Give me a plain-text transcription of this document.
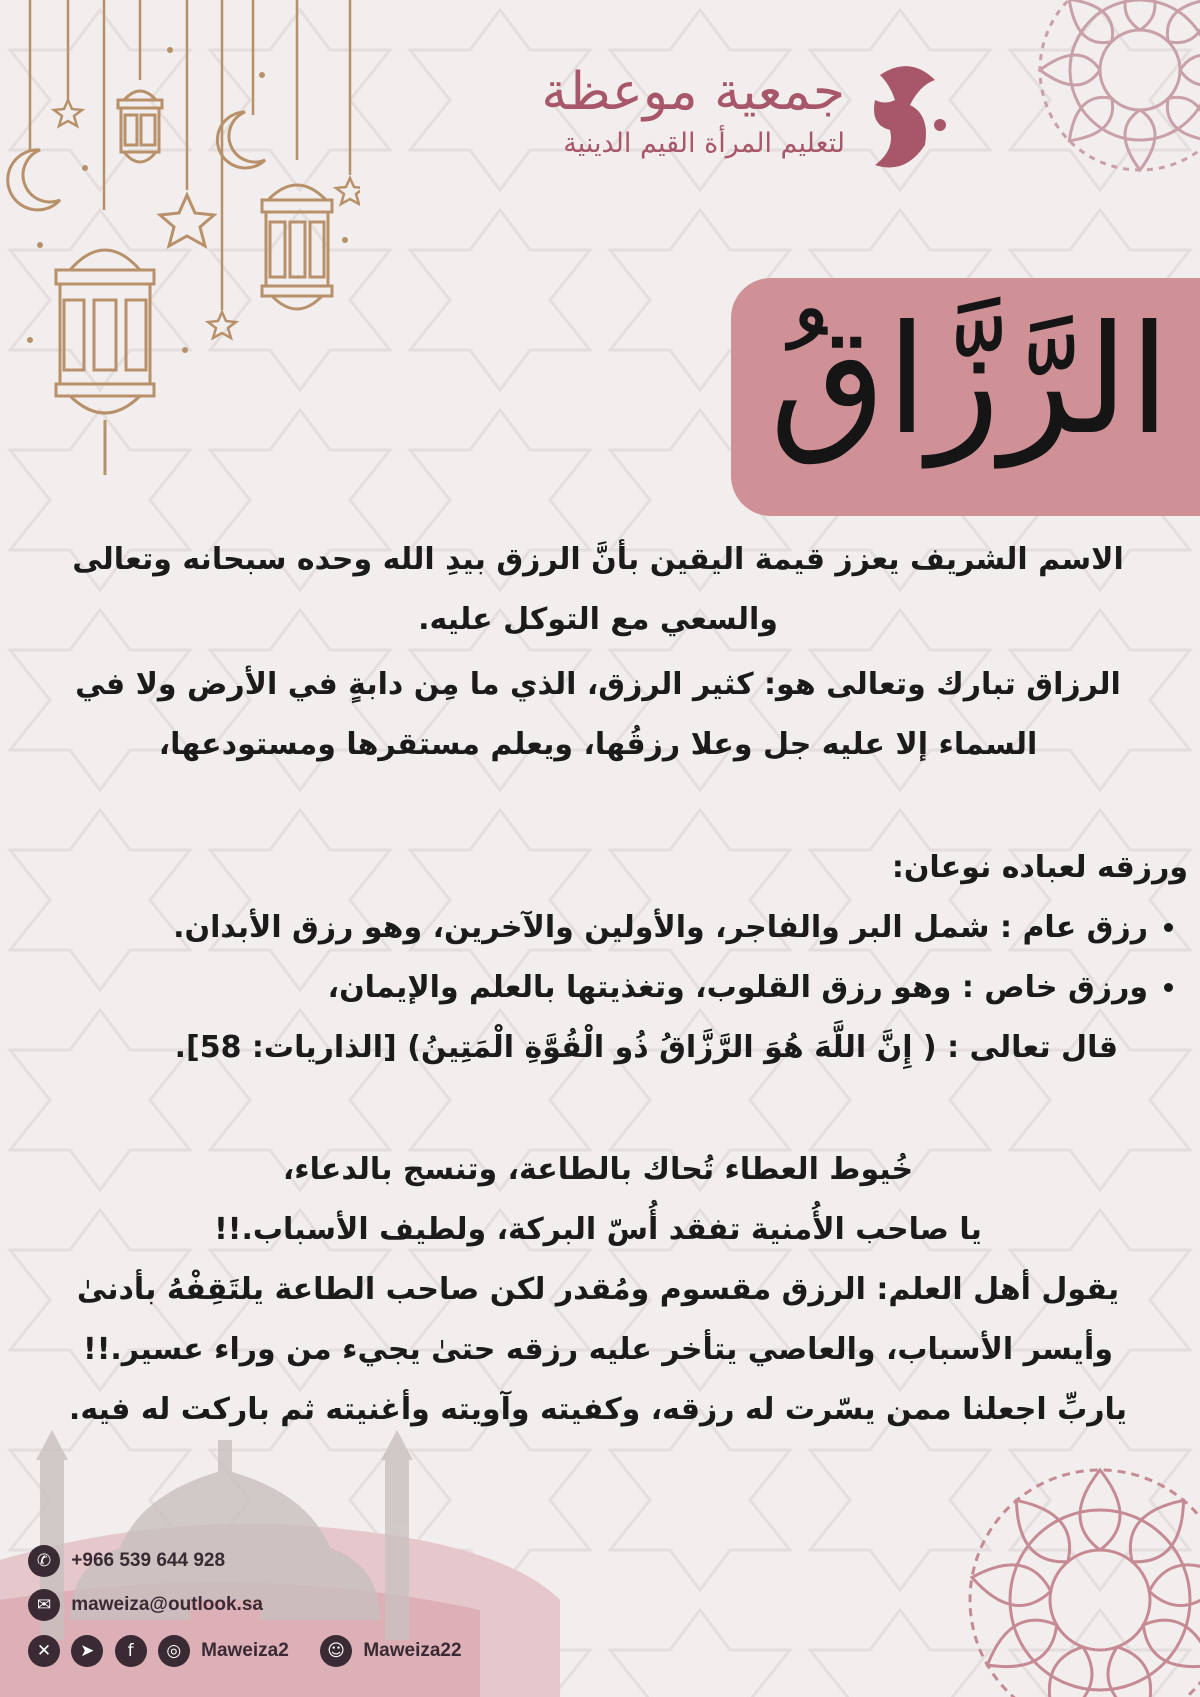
جمعية موعظة
لتعليم المرأة القيم الدينية
الرَّزَّاقُ
الاسم الشريف يعزز قيمة اليقين بأنَّ الرزق بيدِ الله وحده سبحانه وتعالى
والسعي مع التوكل عليه.
الرزاق تبارك وتعالى هو: كثير الرزق، الذي ما مِن دابةٍ في الأرض ولا في
السماء إلا عليه جل وعلا رزقُها، ويعلم مستقرها ومستودعها،
ورزقه لعباده نوعان:
• رزق عام : شمل البر والفاجر، والأولين والآخرين، وهو رزق الأبدان.
• ورزق خاص : وهو رزق القلوب، وتغذيتها بالعلم والإيمان،
قال تعالى : ( إِنَّ اللَّهَ هُوَ الرَّزَّاقُ ذُو الْقُوَّةِ الْمَتِينُ) [الذاريات: 58].
خُيوط العطاء تُحاك بالطاعة، وتنسج بالدعاء،
يا صاحب الأُمنية تفقد أُسّ البركة، ولطيف الأسباب.!!
يقول أهل العلم: الرزق مقسوم ومُقدر لكن صاحب الطاعة يلتَقِفْهُ بأدنىٰ
وأيسر الأسباب، والعاصي يتأخر عليه رزقه حتىٰ يجيء من وراء عسير.!!
ياربِّ اجعلنا ممن يسّرت له رزقه، وكفيته وآويته وأغنيته ثم باركت له فيه.
✆ +966 539 644 928
✉ maweiza@outlook.sa
✕ ➤ f ◎ Maweiza2 ☺ Maweiza22
